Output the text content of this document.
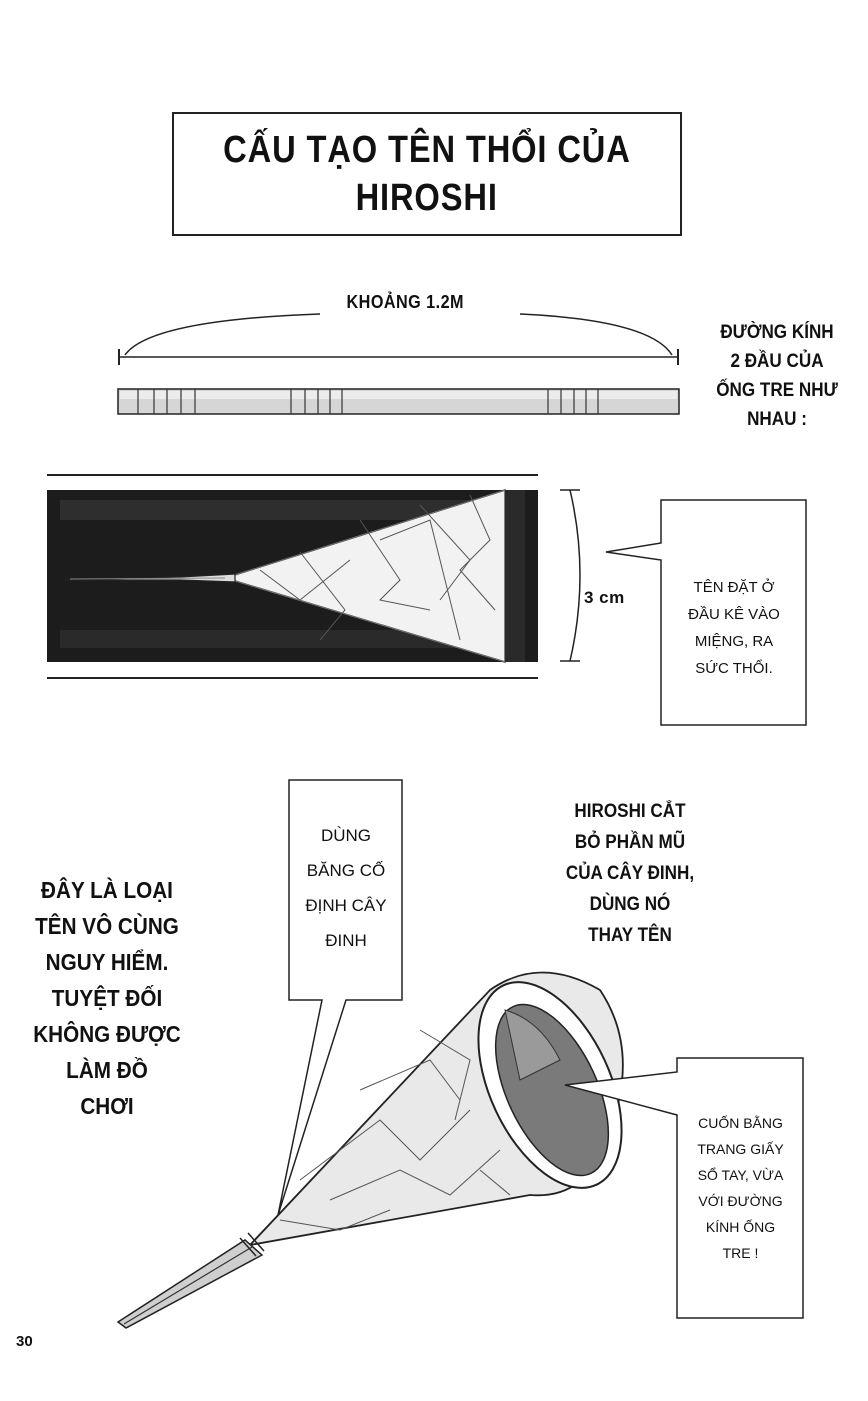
CẤU TẠO TÊN THỔI CỦA
HIROSHI
KHOẢNG 1.2M
ĐƯỜNG KÍNH
2 ĐẦU CỦA
ỐNG TRE NHƯ
NHAU :
3 cm
TÊN ĐẶT Ở
ĐẦU KÊ VÀO
MIỆNG, RA
SỨC THỔI.
DÙNG
BĂNG CỐ
ĐỊNH CÂY
ĐINH
HIROSHI CẮT
BỎ PHẦN MŨ
CỦA CÂY ĐINH,
DÙNG NÓ
THAY TÊN
ĐÂY LÀ LOẠI
TÊN VÔ CÙNG
NGUY HIỂM.
TUYỆT ĐỐI
KHÔNG ĐƯỢC
LÀM ĐỒ
CHƠI
CUỐN BẰNG
TRANG GIẤY
SỔ TAY, VỪA
VỚI ĐƯỜNG
KÍNH ỐNG
TRE !
30
